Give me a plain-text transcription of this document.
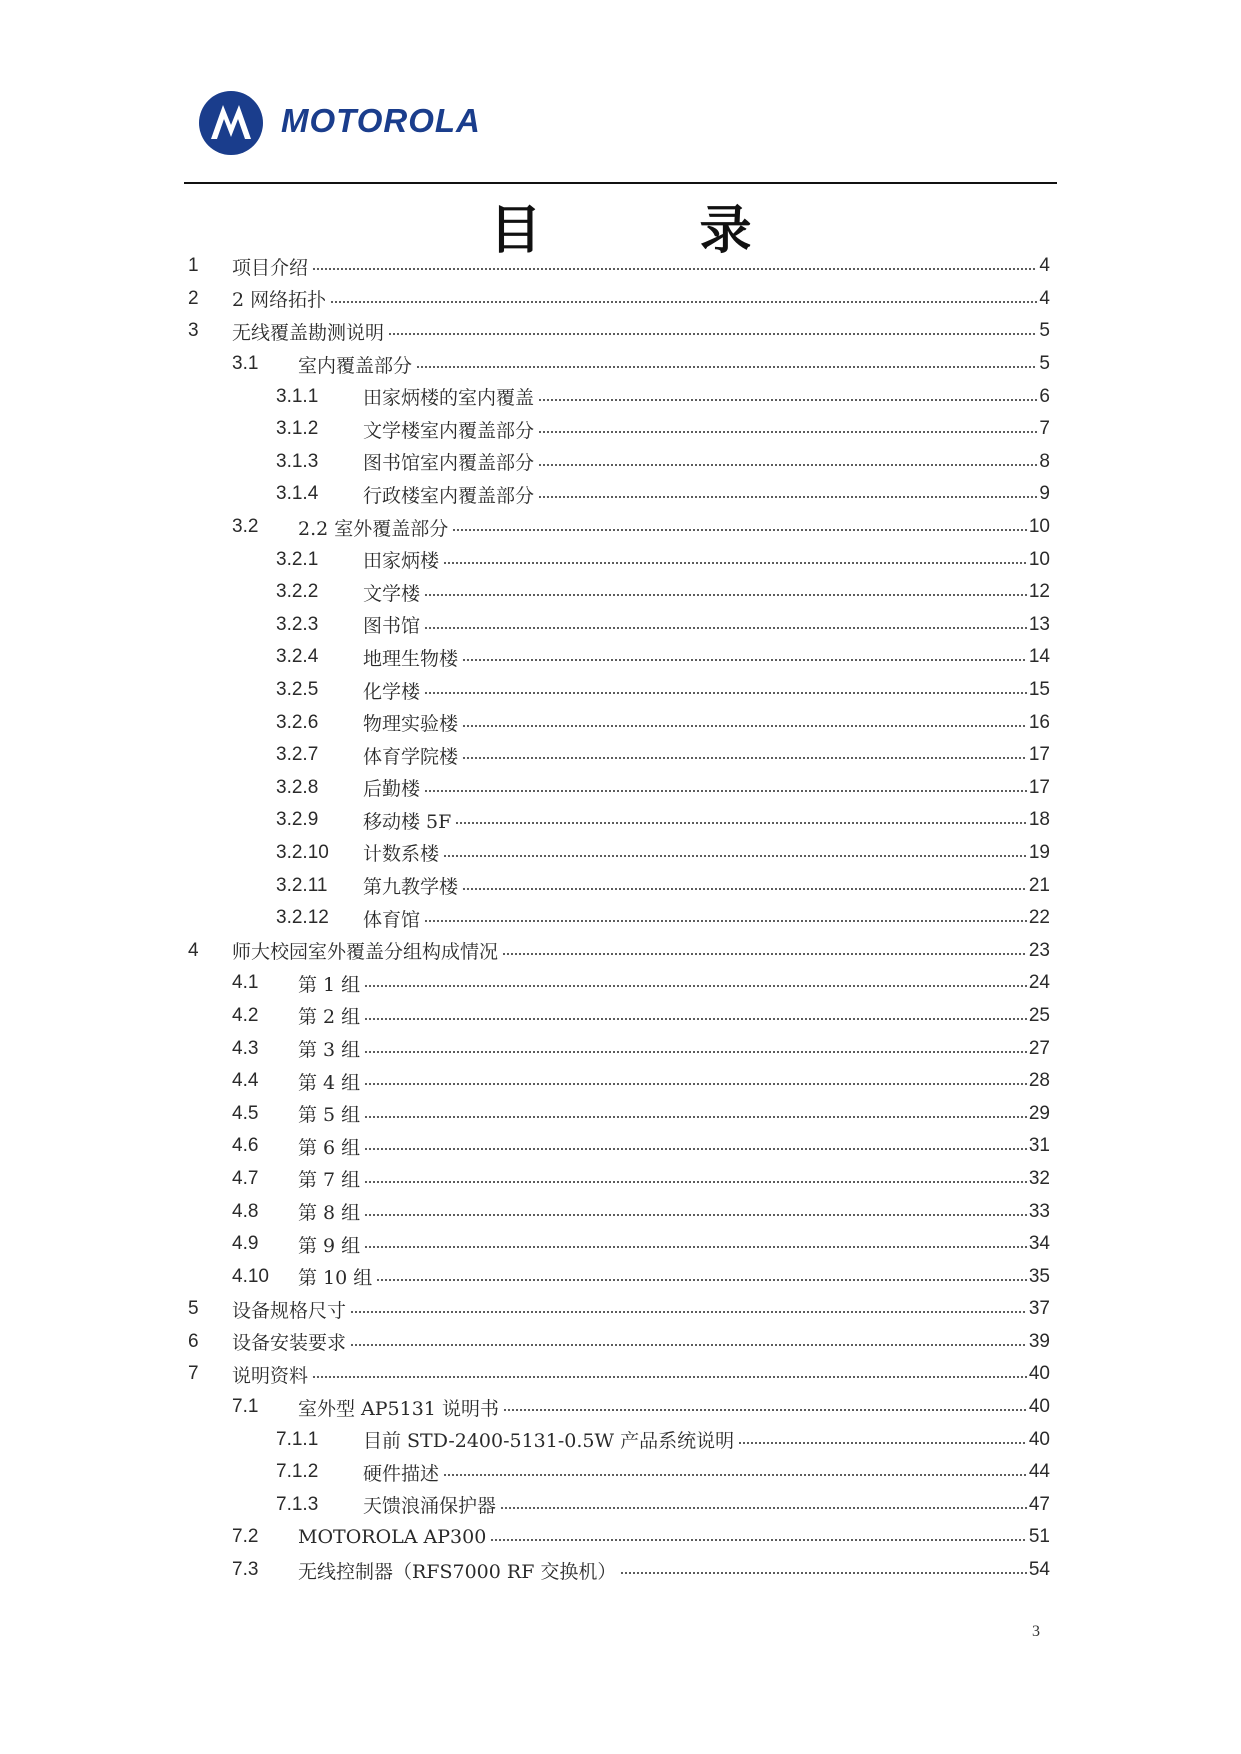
MOTOROLA
目 录
1 项目介绍	4
2 2 网络拓扑	4
3 无线覆盖勘测说明	5
3.1 室内覆盖部分	5
3.1.1 田家炳楼的室内覆盖	6
3.1.2 文学楼室内覆盖部分	7
3.1.3 图书馆室内覆盖部分	8
3.1.4 行政楼室内覆盖部分	9
3.2 2.2 室外覆盖部分	10
3.2.1 田家炳楼	10
3.2.2 文学楼	12
3.2.3 图书馆	13
3.2.4 地理生物楼	14
3.2.5 化学楼	15
3.2.6 物理实验楼	16
3.2.7 体育学院楼	17
3.2.8 后勤楼	17
3.2.9 移动楼 5F	18
3.2.10 计数系楼	19
3.2.11 第九教学楼	21
3.2.12 体育馆	22
4 师大校园室外覆盖分组构成情况	23
4.1 第 1 组	24
4.2 第 2 组	25
4.3 第 3 组	27
4.4 第 4 组	28
4.5 第 5 组	29
4.6 第 6 组	31
4.7 第 7 组	32
4.8 第 8 组	33
4.9 第 9 组	34
4.10 第 10 组	35
5 设备规格尺寸	37
6 设备安装要求	39
7 说明资料	40
7.1 室外型 AP5131 说明书	40
7.1.1 目前 STD-2400-5131-0.5W 产品系统说明	40
7.1.2 硬件描述	44
7.1.3 天馈浪涌保护器	47
7.2 MOTOROLA AP300	51
7.3 无线控制器（RFS7000 RF 交换机）	54
3
